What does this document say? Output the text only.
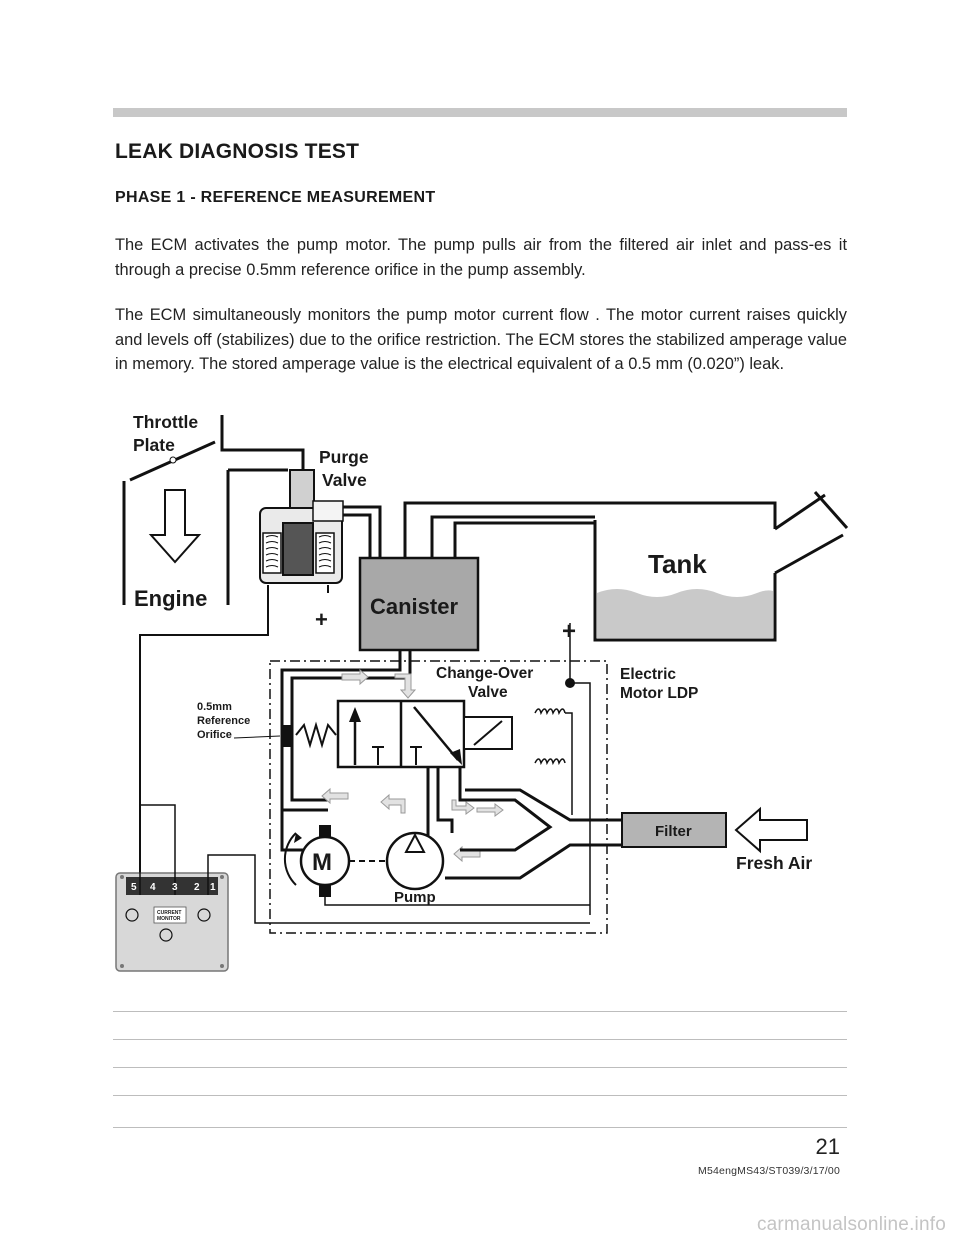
LEAK DIAGNOSIS TEST
PHASE 1 - REFERENCE MEASUREMENT

The ECM activates the pump motor. The pump pulls air from the filtered air inlet and pass-es it through a precise 0.5mm reference orifice in the pump assembly.

The ECM simultaneously monitors the pump motor current flow . The motor current raises quickly and levels off (stabilizes) due to the orifice restriction. The ECM stores the stabilized amperage value in memory. The stored amperage value is the electrical equivalent of a 0.5 mm (0.020”) leak.

Throttle
Plate
Engine
Purge
Valve
Tank
Canister
+	+
Change-Over
Valve
Electric
Motor LDP
0.5mm
Reference
Orifice
Filter
Fresh Air
M
Pump
5 4 3 2 1
CURRENT
MONITOR
21
M54engMS43/ST039/3/17/00
carmanualsonline.info
